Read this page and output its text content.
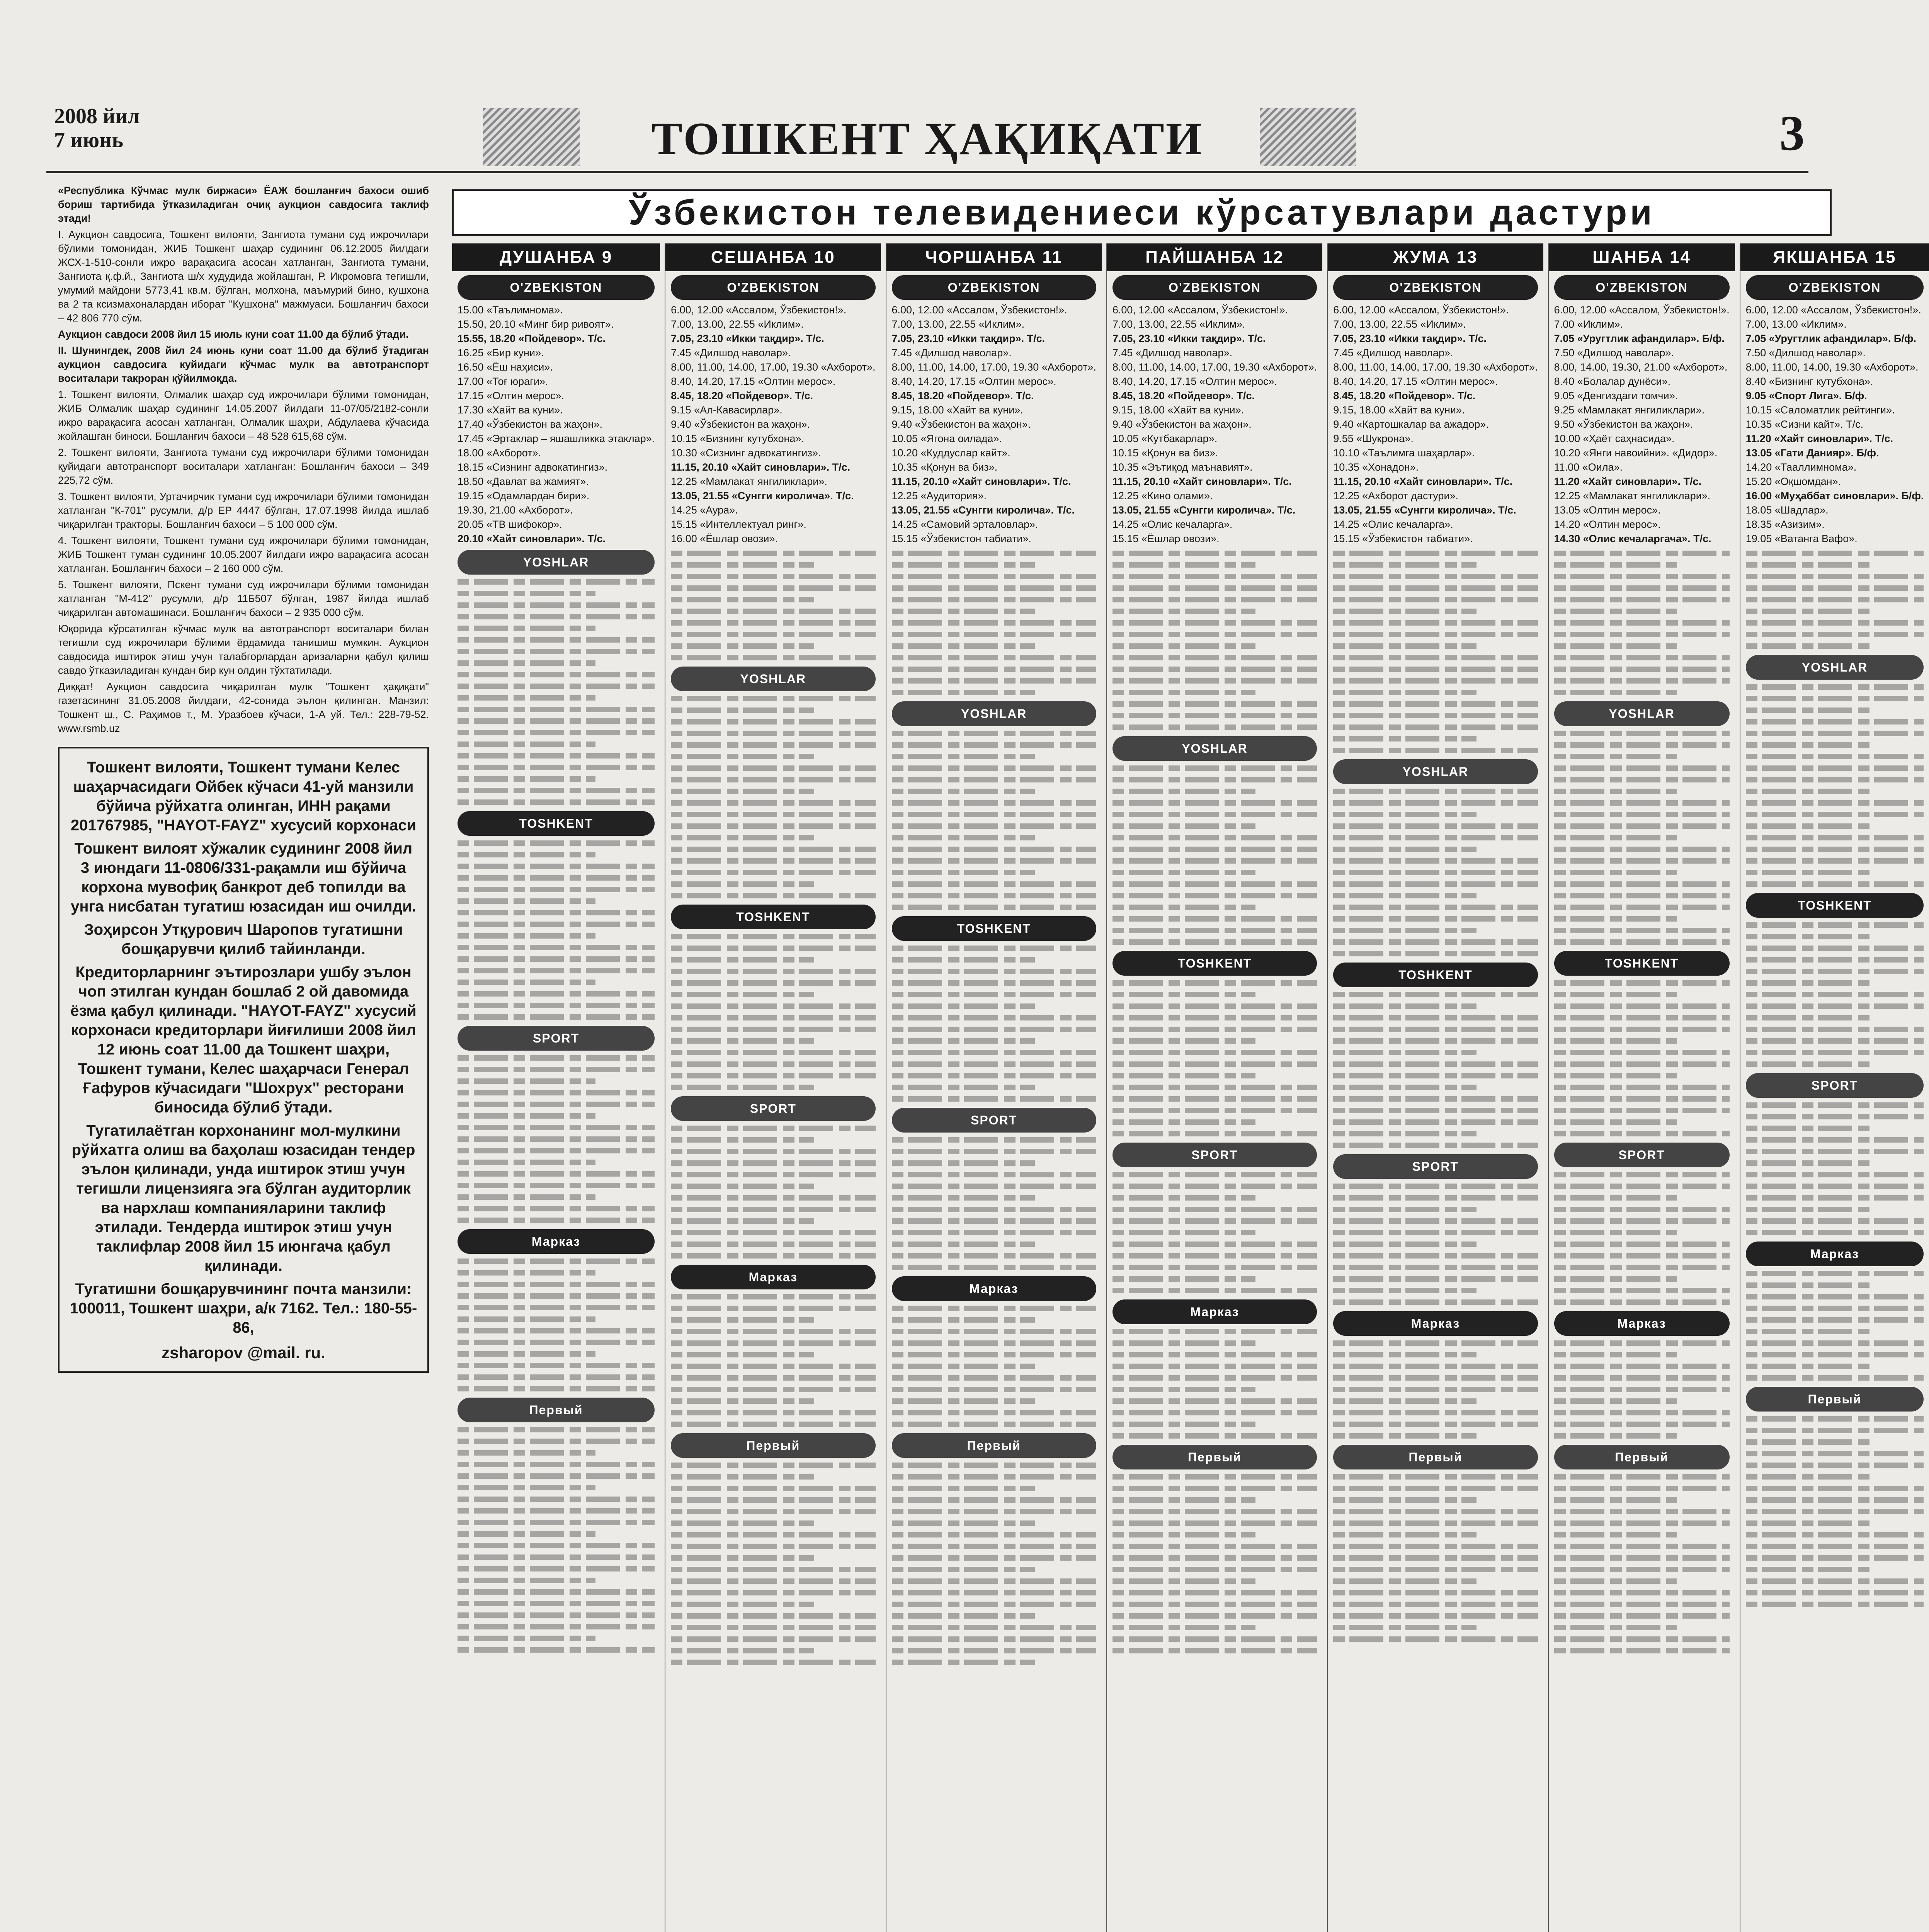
2008 йил
7 июнь	ТОШКЕНТ ҲАҚИҚАТИ	3

«Республика Кўчмас мулк биржаси» ЁАЖ бошланғич бахоси ошиб бориш тартибида ўтказиладиган очиқ аукцион савдосига таклиф этади!

I. Аукцион савдосига, Тошкент вилояти, Зангиота тумани суд ижрочилари бўлими томонидан, ЖИБ Тошкент шаҳар судининг 06.12.2005 йилдаги ЖСХ-1-510-сонли ижро варақасига асосан хатланган, Зангиота тумани, Зангиота қ.ф.й., Зангиота ш/х худудида жойлашган, Р. Икромовга тегишли, умумий майдони 5773,41 кв.м. бўлган, молхона, маъмурий бино, кушхона ва 2 та ксизмахоналардан иборат "Кушхона" мажмуаси. Бошланғич бахоси – 42 806 770 сўм.

Аукцион савдоси 2008 йил 15 июль куни соат 11.00 да бўлиб ўтади.

II. Шунингдек, 2008 йил 24 июнь куни соат 11.00 да бўлиб ўтадиган аукцион савдосига куйидаги кўчмас мулк ва автотранспорт воситалари такроран қўйилмоқда.

1. Тошкент вилояти, Олмалик шаҳар суд ижрочилари бўлими томонидан, ЖИБ Олмалик шаҳар судининг 14.05.2007 йилдаги 11-07/05/2182-сонли ижро варақасига асосан хатланган, Олмалик шаҳри, Абдулаева кўчасида жойлашган биноси. Бошланғич бахоси – 48 528 615,68 сўм.

2. Тошкент вилояти, Зангиота тумани суд ижрочилари бўлими томонидан қуйидаги автотранспорт воситалари хатланган: Бошланғич бахоси – 349 225,72 сўм.

3. Тошкент вилояти, Уртачирчик тумани суд ижрочилари бўлими томонидан хатланган "К-701" русумли, д/р ЕР 4447 бўлган, 17.07.1998 йилда ишлаб чиқарилган тракторы. Бошланғич бахоси – 5 100 000 сўм.

4. Тошкент вилояти, Тошкент тумани суд ижрочилари бўлими томонидан, ЖИБ Тошкент туман судининг 10.05.2007 йилдаги ижро варақасига асосан хатланган. Бошланғич бахоси – 2 160 000 сўм.

5. Тошкент вилояти, Пскент тумани суд ижрочилари бўлими томонидан хатланган "М-412" русумли, д/р 11Б507 бўлган, 1987 йилда ишлаб чиқарилган автомашинаси. Бошланғич бахоси – 2 935 000 сўм.

Юқорида кўрсатилган кўчмас мулк ва автотранспорт воситалари билан тегишли суд ижрочилари бўлими ёрдамида танишиш мумкин. Аукцион савдосида иштирок этиш учун талабгорлардан аризаларни қабул қилиш савдо ўтказиладиган кундан бир кун олдин тўхтатилади.

Диққат! Аукцион савдосига чиқарилган мулк "Тошкент ҳақиқати" газетасининг 31.05.2008 йилдаги, 42-сонида эълон қилинган. Манзил: Тошкент ш., С. Раҳимов т., М. Уразбоев кўчаси, 1-А уй. Тел.: 228-79-52. www.rsmb.uz

Тошкент вилояти, Тошкент тумани Келес шаҳарчасидаги Ойбек кўчаси 41-уй манзили бўйича рўйхатга олинган, ИНН рақами 201767985, "HAYOT-FAYZ" хусусий корхонаси

Тошкент вилоят хўжалик судининг 2008 йил 3 июндаги 11-0806/331-рақамли иш бўйича корхона мувофиқ банкрот деб топилди ва унга нисбатан тугатиш юзасидан иш очилди.

Зоҳирсон Утқурович Шаропов тугатишни бошқарувчи қилиб тайинланди.

Кредиторларнинг эътирозлари ушбу эълон чоп этилган кундан бошлаб 2 ой давомида ёзма қабул қилинади. "HAYOT-FAYZ" хусусий корхонаси кредиторлари йиғилиши 2008 йил 12 июнь соат 11.00 да Тошкент шаҳри, Тошкент тумани, Келес шаҳарчаси Генерал Ғафуров кўчасидаги "Шохрух" ресторани биносида бўлиб ўтади.

Тугатилаётган корхонанинг мол-мулкини рўйхатга олиш ва баҳолаш юзасидан тендер эълон қилинади, унда иштирок этиш учун тегишли лицензияга эга бўлган аудиторлик ва нархлаш компанияларини таклиф этилади. Тендерда иштирок этиш учун таклифлар 2008 йил 15 июнгача қабул қилинади.

Тугатишни бошқарувчининг почта манзили: 100011, Тошкент шаҳри, а/к 7162. Тел.: 180-55-86,

zsharopov @mail. ru.
Ўзбекистон телевидениеси кўрсатувлари дастури
ДУШАНБА 9
O'ZBEKISTON
15.00 «Таълимнома».
15.50, 20.10 «Минг бир ривоят».
15.55, 18.20 «Пойдевор». Т/с.
16.25 «Бир куни».
16.50 «Ёш наҳиси».
17.00 «Тоғ юраги».
17.15 «Олтин мерос».
17.30 «Хайт ва куни».
17.40 «Ўзбекистон ва жаҳон».
17.45 «Эртаклар – яшашликка этаклар».
18.00 «Ахборот».
18.15 «Сизнинг адвокатингиз».
18.50 «Давлат ва жамият».
19.15 «Одамлардан бири».
19.30, 21.00 «Ахборот».
20.05 «ТВ шифокор».
20.10 «Хайт синовлари». Т/с.
YOSHLAR
TOSHKENT
SPORT
Марказ
Первый
СЕШАНБА 10
O'ZBEKISTON
6.00, 12.00 «Ассалом, Ўзбекистон!».
7.00, 13.00, 22.55 «Иклим».
7.05, 23.10 «Икки тақдир». Т/с.
7.45 «Дилшод наволар».
8.00, 11.00, 14.00, 17.00, 19.30 «Ахборот».
8.40, 14.20, 17.15 «Олтин мерос».
8.45, 18.20 «Пойдевор». Т/с.
9.15 «Ал-Кавасирлар».
9.40 «Ўзбекистон ва жаҳон».
10.15 «Бизнинг кутубхона».
10.30 «Сизнинг адвокатингиз».
11.15, 20.10 «Хайт синовлари». Т/с.
12.25 «Мамлакат янгиликлари».
13.05, 21.55 «Сунгги киролича». Т/с.
14.25 «Аура».
15.15 «Интеллектуал ринг».
16.00 «Ёшлар овози».
YOSHLAR
TOSHKENT
SPORT
Марказ
Первый
ЧОРШАНБА 11
O'ZBEKISTON
6.00, 12.00 «Ассалом, Ўзбекистон!».
7.00, 13.00, 22.55 «Иклим».
7.05, 23.10 «Икки тақдир». Т/с.
7.45 «Дилшод наволар».
8.00, 11.00, 14.00, 17.00, 19.30 «Ахборот».
8.40, 14.20, 17.15 «Олтин мерос».
8.45, 18.20 «Пойдевор». Т/с.
9.15, 18.00 «Хайт ва куни».
9.40 «Ўзбекистон ва жаҳон».
10.05 «Ягона оилада».
10.20 «Куддуслар кайт».
10.35 «Қонун ва биз».
11.15, 20.10 «Хайт синовлари». Т/с.
12.25 «Аудитория».
13.05, 21.55 «Сунгги киролича». Т/с.
14.25 «Самовий эрталовлар».
15.15 «Ўзбекистон табиати».
YOSHLAR
TOSHKENT
SPORT
Марказ
Первый
ПАЙШАНБА 12
O'ZBEKISTON
6.00, 12.00 «Ассалом, Ўзбекистон!».
7.00, 13.00, 22.55 «Иклим».
7.05, 23.10 «Икки тақдир». Т/с.
7.45 «Дилшод наволар».
8.00, 11.00, 14.00, 17.00, 19.30 «Ахборот».
8.40, 14.20, 17.15 «Олтин мерос».
8.45, 18.20 «Пойдевор». Т/с.
9.15, 18.00 «Хайт ва куни».
9.40 «Ўзбекистон ва жаҳон».
10.05 «Кутбакарлар».
10.15 «Қонун ва биз».
10.35 «Эътиқод маънавият».
11.15, 20.10 «Хайт синовлари». Т/с.
12.25 «Кино олами».
13.05, 21.55 «Сунгги киролича». Т/с.
14.25 «Олис кечаларга».
15.15 «Ёшлар овози».
YOSHLAR
TOSHKENT
SPORT
Марказ
Первый
ЖУМА 13
O'ZBEKISTON
6.00, 12.00 «Ассалом, Ўзбекистон!».
7.00, 13.00, 22.55 «Иклим».
7.05, 23.10 «Икки тақдир». Т/с.
7.45 «Дилшод наволар».
8.00, 11.00, 14.00, 17.00, 19.30 «Ахборот».
8.40, 14.20, 17.15 «Олтин мерос».
8.45, 18.20 «Пойдевор». Т/с.
9.15, 18.00 «Хайт ва куни».
9.40 «Картошкалар ва ажадор».
9.55 «Шукрона».
10.10 «Таълимга шаҳарлар».
10.35 «Хонадон».
11.15, 20.10 «Хайт синовлари». Т/с.
12.25 «Ахборот дастури».
13.05, 21.55 «Сунгги киролича». Т/с.
14.25 «Олис кечаларга».
15.15 «Ўзбекистон табиати».
YOSHLAR
TOSHKENT
SPORT
Марказ
Первый
ШАНБА 14
O'ZBEKISTON
6.00, 12.00 «Ассалом, Ўзбекистон!».
7.00 «Иклим».
7.05 «Уругтлик афандилар». Б/ф.
7.50 «Дилшод наволар».
8.00, 14.00, 19.30, 21.00 «Ахборот».
8.40 «Болалар дунёси».
9.05 «Денгиздаги томчи».
9.25 «Мамлакат янгиликлари».
9.50 «Ўзбекистон ва жаҳон».
10.00 «Ҳаёт саҳнасида».
10.20 «Янги навоийни». «Дидор».
11.00 «Оила».
11.20 «Хайт синовлари». Т/с.
12.25 «Мамлакат янгиликлари».
13.05 «Олтин мерос».
14.20 «Олтин мерос».
14.30 «Олис кечаларгача». Т/с.
YOSHLAR
TOSHKENT
SPORT
Марказ
Первый
ЯКШАНБА 15
O'ZBEKISTON
6.00, 12.00 «Ассалом, Ўзбекистон!».
7.00, 13.00 «Иклим».
7.05 «Уругтлик афандилар». Б/ф.
7.50 «Дилшод наволар».
8.00, 11.00, 14.00, 19.30 «Ахборот».
8.40 «Бизнинг кутубхона».
9.05 «Спорт Лига». Б/ф.
10.15 «Саломатлик рейтинги».
10.35 «Сизни кайт». Т/с.
11.20 «Хайт синовлари». Т/с.
13.05 «Гати Данияр». Б/ф.
14.20 «Тааллимнома».
15.20 «Оқшомдан».
16.00 «Муҳаббат синовлари». Б/ф.
18.05 «Шадлар».
18.35 «Азизим».
19.05 «Ватанга Вафо».
YOSHLAR
TOSHKENT
SPORT
Марказ
Первый
